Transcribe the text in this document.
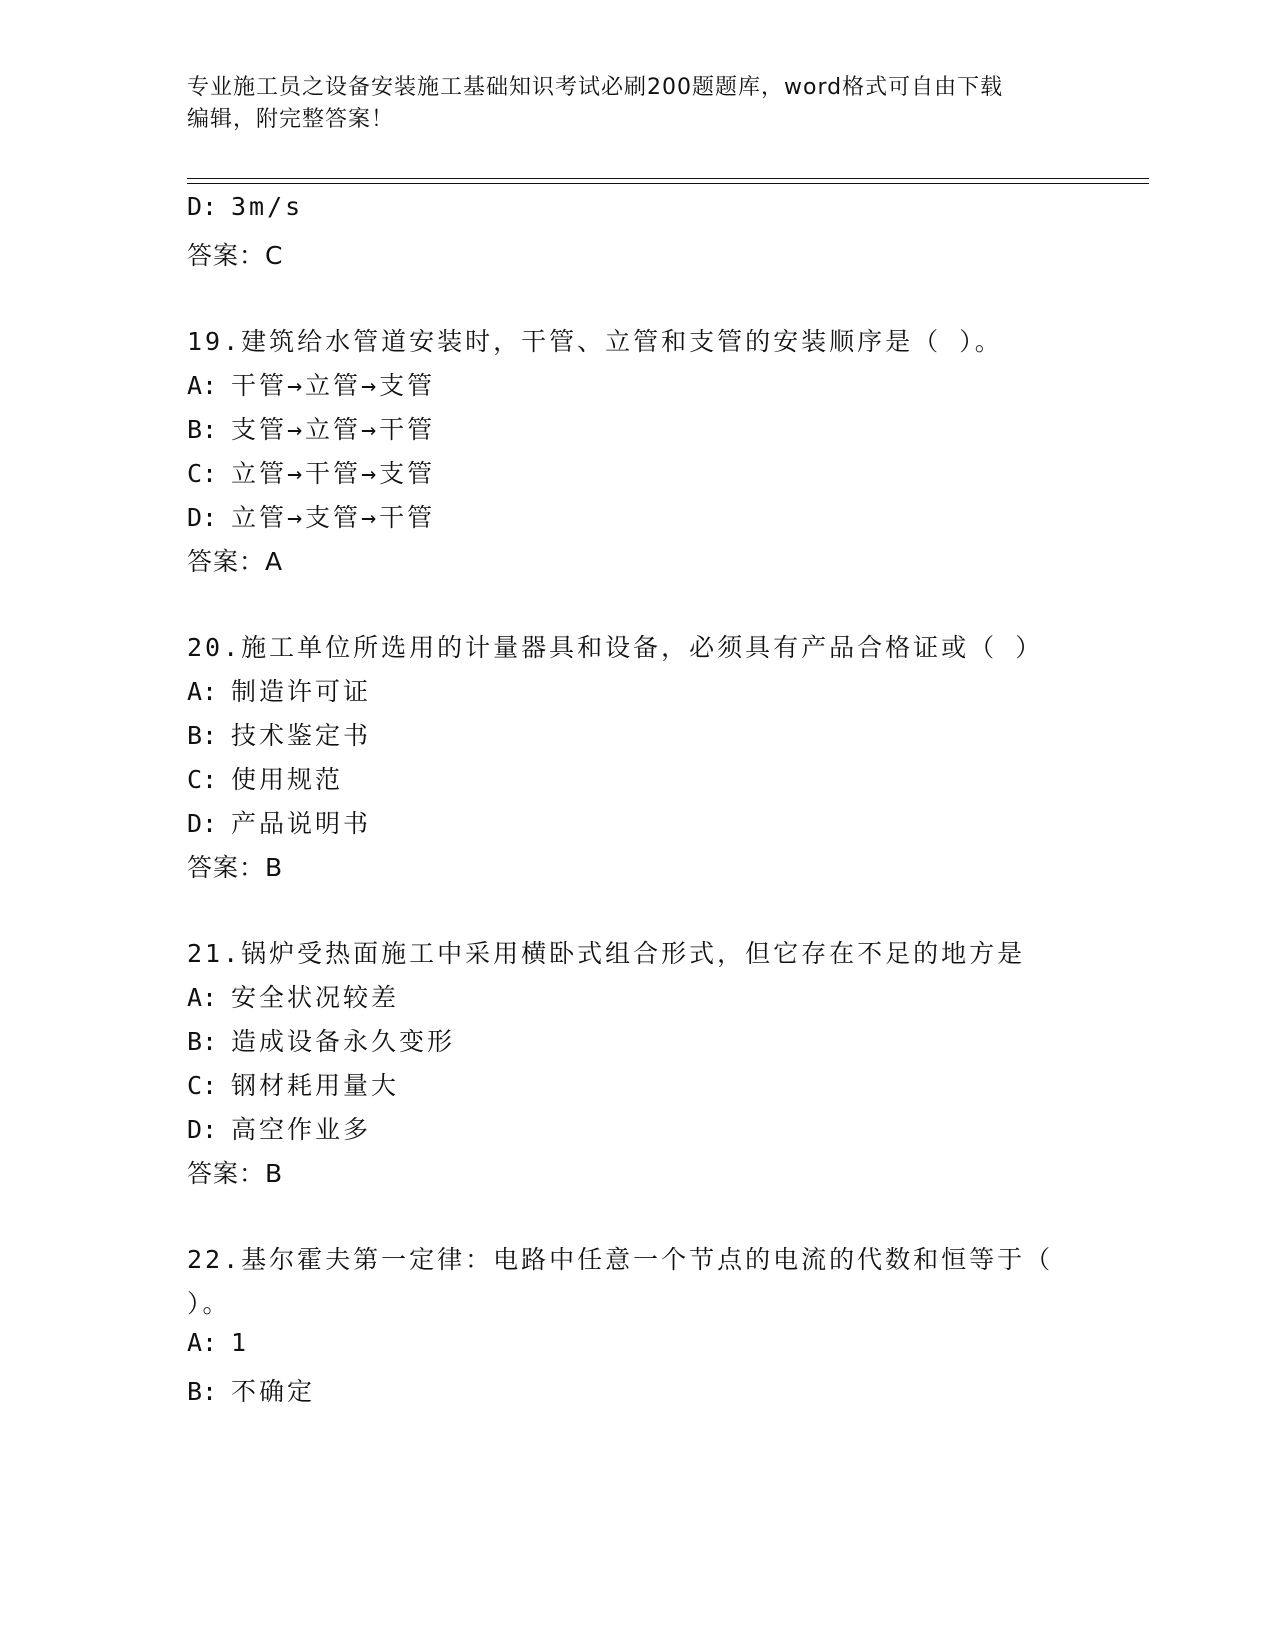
专业施工员之设备安装施工基础知识考试必刷200题题库，word格式可自由下载
编辑，附完整答案！
D: 3m/s
答案：C
19.建筑给水管道安装时，干管、立管和支管的安装顺序是（ ）。
A: 干管→立管→支管
B: 支管→立管→干管
C: 立管→干管→支管
D: 立管→支管→干管
答案：A
20.施工单位所选用的计量器具和设备，必须具有产品合格证或（ ）
A: 制造许可证
B: 技术鉴定书
C: 使用规范
D: 产品说明书
答案：B
21.锅炉受热面施工中采用横卧式组合形式，但它存在不足的地方是
A: 安全状况较差
B: 造成设备永久变形
C: 钢材耗用量大
D: 高空作业多
答案：B
22.基尔霍夫第一定律：电路中任意一个节点的电流的代数和恒等于（
）。
A: 1
B: 不确定
